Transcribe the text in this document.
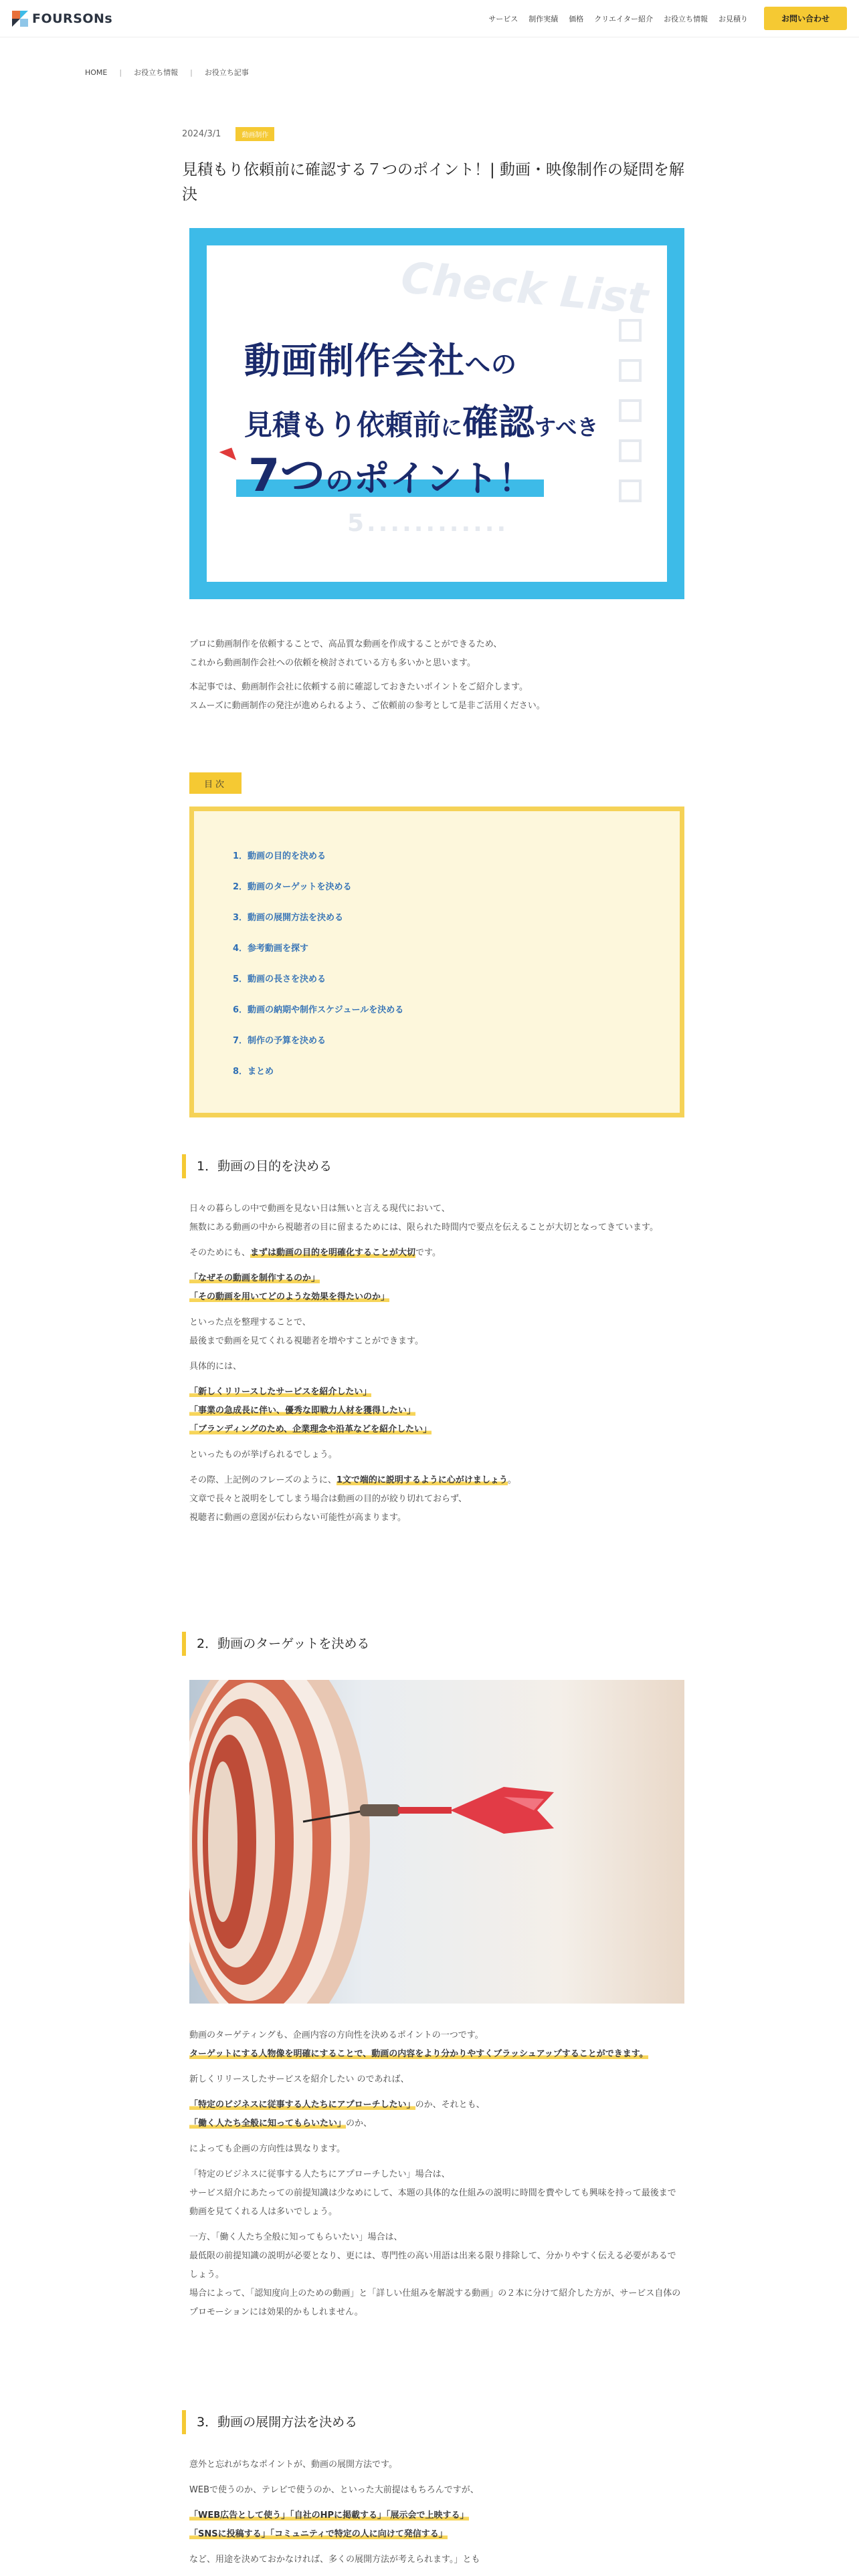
FOURSONs	サービス 制作実績 価格 クリエイター紹介 お役立ち情報 お見積り	お問い合わせ
HOME | お役立ち情報 | お役立ち記事
2024/3/1	動画制作
見積もり依頼前に確認する７つのポイント！| 動画・映像制作の疑問を解決
Check List
5............
動画制作会社への
見積もり依頼前に確認すべき
◥ 7つのポイント！

プロに動画制作を依頼することで、高品質な動画を作成することができるため、

これから動画制作会社への依頼を検討されている方も多いかと思います。

本記事では、動画制作会社に依頼する前に確認しておきたいポイントをご紹介します。

スムーズに動画制作の発注が進められるよう、ご依頼前の参考として是非ご活用ください。

目次
1．動画の目的を決める
2．動画のターゲットを決める
3．動画の展開方法を決める
4．参考動画を探す
5．動画の長さを決める
6．動画の納期や制作スケジュールを決める
7．制作の予算を決める
8．まとめ
1．動画の目的を決める

日々の暮らしの中で動画を見ない日は無いと言える現代において、

無数にある動画の中から視聴者の目に留まるためには、限られた時間内で要点を伝えることが大切となってきています。

そのためにも、まずは動画の目的を明確化することが大切です。

「なぜその動画を制作するのか」

「その動画を用いてどのような効果を得たいのか」

といった点を整理することで、

最後まで動画を見てくれる視聴者を増やすことができます。

具体的には、

「新しくリリースしたサービスを紹介したい」

「事業の急成長に伴い、優秀な即戦力人材を獲得したい」

「ブランディングのため、企業理念や沿革などを紹介したい」

といったものが挙げられるでしょう。

その際、上記例のフレーズのように、1文で端的に説明するように心がけましょう。

文章で長々と説明をしてしまう場合は動画の目的が絞り切れておらず、

視聴者に動画の意図が伝わらない可能性が高まります。

2．動画のターゲットを決める

動画のターゲティングも、企画内容の方向性を決めるポイントの一つです。

ターゲットにする人物像を明確にすることで、動画の内容をより分かりやすくブラッシュアップすることができます。

新しくリリースしたサービスを紹介したい のであれば、

「特定のビジネスに従事する人たちにアプローチしたい」のか、それとも、

「働く人たち全般に知ってもらいたい」のか、

によっても企画の方向性は異なります。

「特定のビジネスに従事する人たちにアプローチしたい」場合は、

サービス紹介にあたっての前提知識は少なめにして、本題の具体的な仕組みの説明に時間を費やしても興味を持って最後まで動画を見てくれる人は多いでしょう。

一方、「働く人たち全般に知ってもらいたい」場合は、

最低限の前提知識の説明が必要となり、更には、専門性の高い用語は出来る限り排除して、分かりやすく伝える必要があるでしょう。

場合によって、「認知度向上のための動画」と「詳しい仕組みを解説する動画」の２本に分けて紹介した方が、サービス自体のプロモーションには効果的かもしれません。

3．動画の展開方法を決める

意外と忘れがちなポイントが、動画の展開方法です。

WEBで使うのか、テレビで使うのか、といった大前提はもちろんですが、

「WEB広告として使う」「自社のHPに掲載する」「展示会で上映する」

「SNSに投稿する」「コミュニティで特定の人に向けて発信する」

など、用途を決めておかなければ、多くの展開方法が考えられます。」とも
